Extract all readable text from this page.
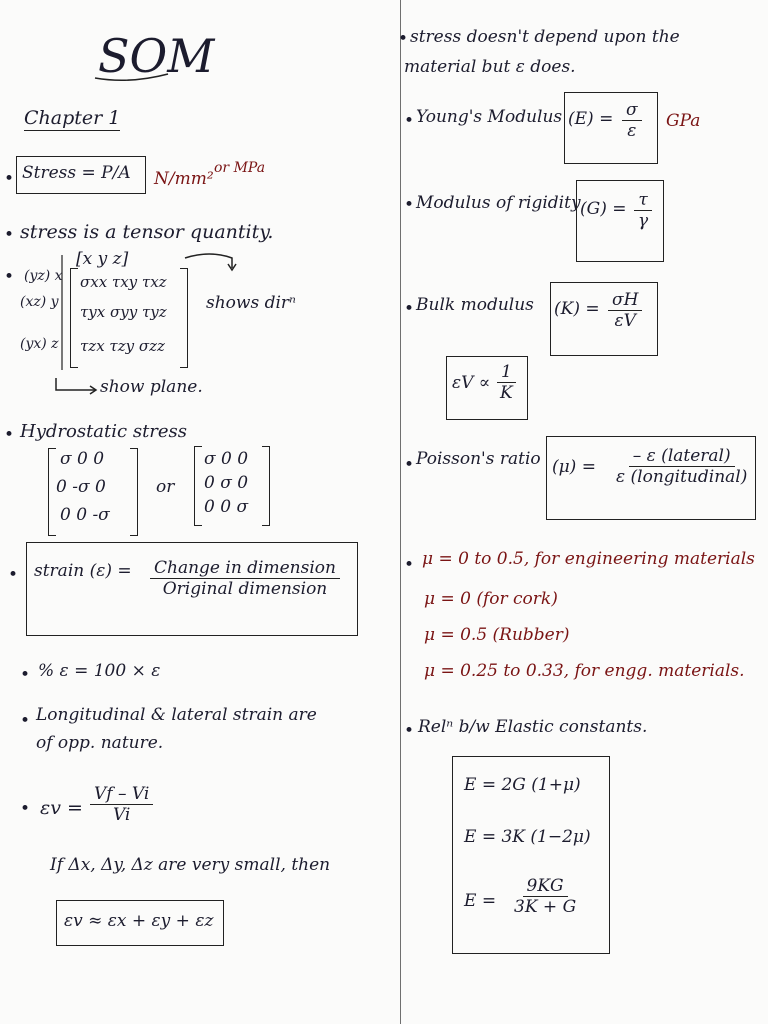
SOM
Chapter 1
• Stress = P/A N/mm²
or MPa
• stress is a tensor quantity.
•
[x y z]
(yz) x
(xz) y
(yx) z
σxx τxy τxz
τyx σyy τyz
τzx τzy σzz
shows dirⁿ
show plane.
• Hydrostatic stress
σ 0 0
0 -σ 0
0 0 -σ
or
σ 0 0
0 σ 0
0 0 σ
• strain (ε) = Change in dimension
Original dimension
• % ε = 100 × ε
• Longitudinal & lateral strain are
of opp. nature.
• $\varepsilon v = \frac{Vf - Vi}{Vi}$
If Δx, Δy, Δz are very small, then
εv ≈ εx + εy + εz
• stress doesn't depend upon the
material but ε does.
• Young's Modulus $(E) = \frac{\sigma}{\varepsilon}$ GPa
• Modulus of rigidity $(G) = \frac{\tau}{\gamma}$
• Bulk modulus $(K) = \frac{\sigma H}{\varepsilon V}$
$\varepsilon V \propto \frac{1}{K}$
• Poisson's ratio (μ) =
– ε (lateral)
ε (longitudinal)
• μ = 0 to 0.5, for engineering materials
μ = 0 (for cork)
μ = 0.5 (Rubber)
μ = 0.25 to 0.33, for engg. materials.
• Relⁿ b/w Elastic constants.
E = 2G (1+μ)
E = 3K (1−2μ)
$E = \frac{9KG}{3K + G}$
